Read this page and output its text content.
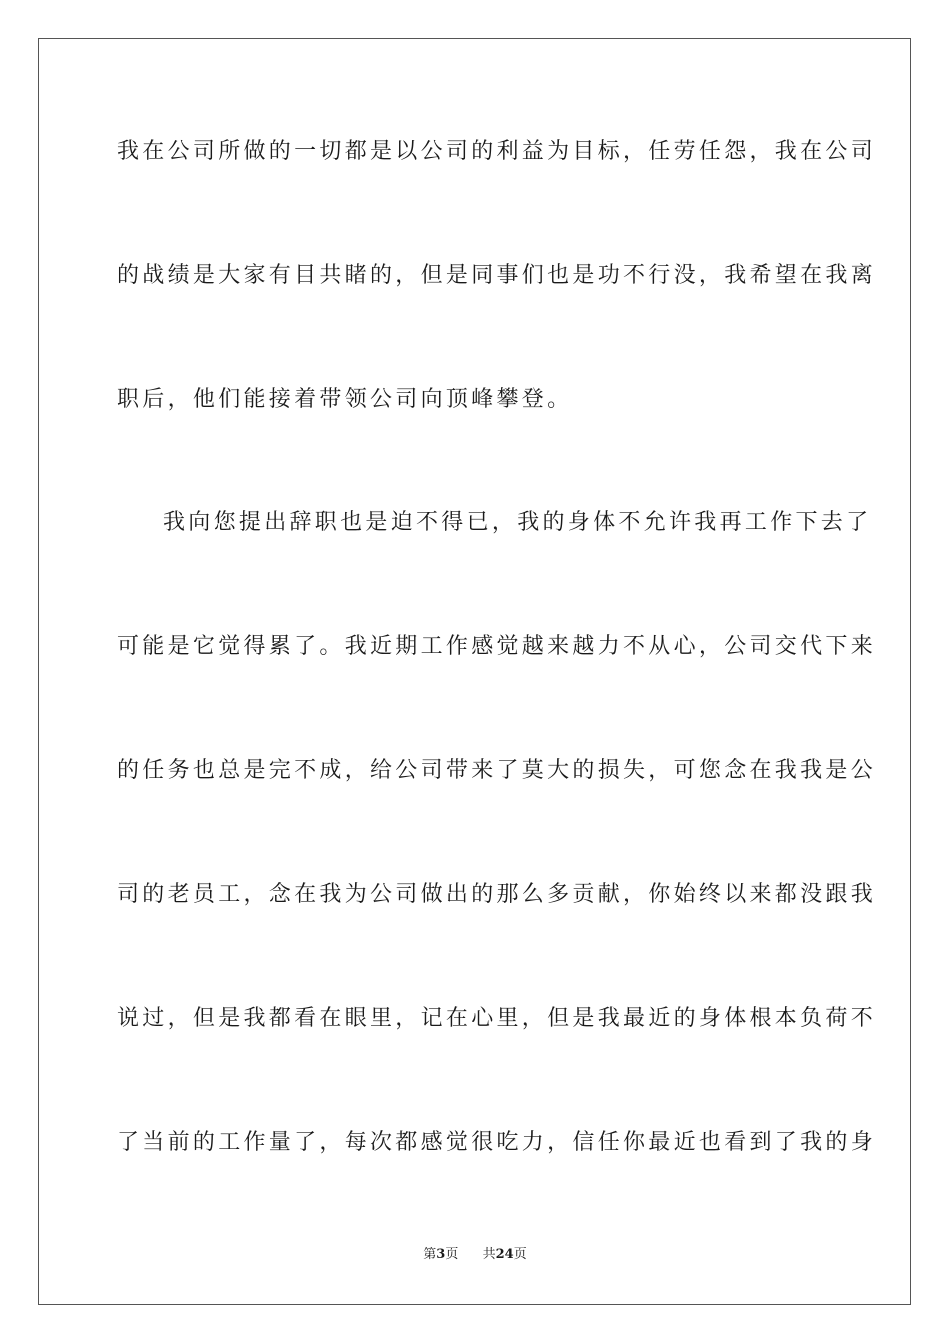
我在公司所做的一切都是以公司的利益为目标，任劳任怨，我在公司
的战绩是大家有目共睹的，但是同事们也是功不行没，我希望在我离
职后，他们能接着带领公司向顶峰攀登。
我向您提出辞职也是迫不得已，我的身体不允许我再工作下去了
可能是它觉得累了。我近期工作感觉越来越力不从心，公司交代下来
的任务也总是完不成，给公司带来了莫大的损失，可您念在我我是公
司的老员工，念在我为公司做出的那么多贡献，你始终以来都没跟我
说过，但是我都看在眼里，记在心里，但是我最近的身体根本负荷不
了当前的工作量了，每次都感觉很吃力，信任你最近也看到了我的身
第3页 共24页
